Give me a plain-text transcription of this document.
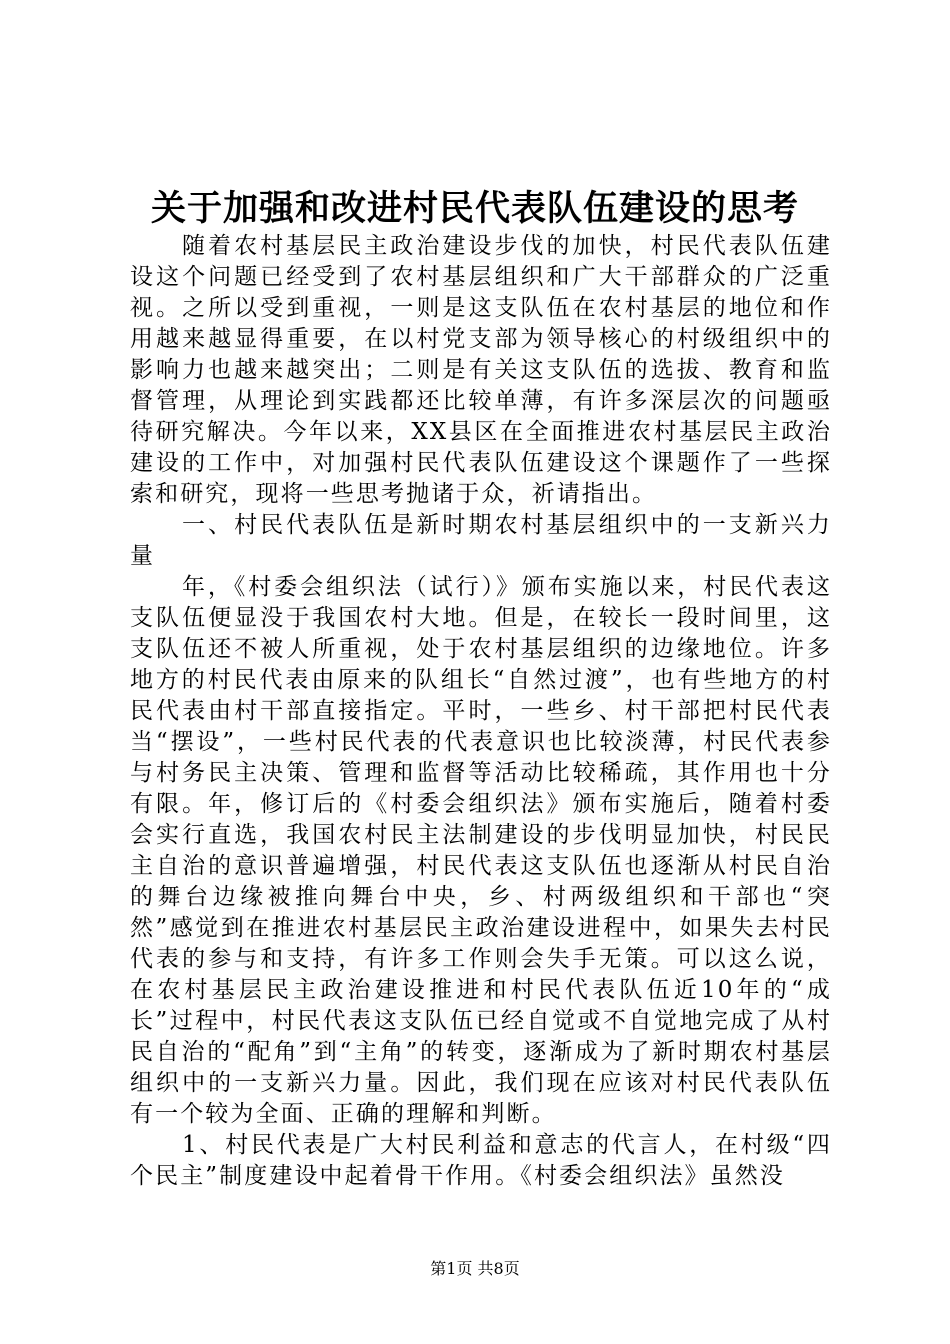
关于加强和改进村民代表队伍建设的思考

随着农村基层民主政治建设步伐的加快，村民代表队伍建设这个问题已经受到了农村基层组织和广大干部群众的广泛重视。之所以受到重视，一则是这支队伍在农村基层的地位和作用越来越显得重要，在以村党支部为领导核心的村级组织中的影响力也越来越突出；二则是有关这支队伍的选拔、教育和监督管理，从理论到实践都还比较单薄，有许多深层次的问题亟待研究解决。今年以来，XX县区在全面推进农村基层民主政治建设的工作中，对加强村民代表队伍建设这个课题作了一些探索和研究，现将一些思考抛诸于众，祈请指出。

一、村民代表队伍是新时期农村基层组织中的一支新兴力量

年，《村委会组织法（试行）》颁布实施以来，村民代表这支队伍便显没于我国农村大地。但是，在较长一段时间里，这支队伍还不被人所重视，处于农村基层组织的边缘地位。许多地方的村民代表由原来的队组长“自然过渡”，也有些地方的村民代表由村干部直接指定。平时，一些乡、村干部把村民代表当“摆设”，一些村民代表的代表意识也比较淡薄，村民代表参与村务民主决策、管理和监督等活动比较稀疏，其作用也十分有限。年，修订后的《村委会组织法》颁布实施后，随着村委会实行直选，我国农村民主法制建设的步伐明显加快，村民民主自治的意识普遍增强，村民代表这支队伍也逐渐从村民自治的舞台边缘被推向舞台中央，乡、村两级组织和干部也“突然”感觉到在推进农村基层民主政治建设进程中，如果失去村民代表的参与和支持，有许多工作则会失手无策。可以这么说，在农村基层民主政治建设推进和村民代表队伍近10年的“成长”过程中，村民代表这支队伍已经自觉或不自觉地完成了从村民自治的“配角”到“主角”的转变，逐渐成为了新时期农村基层组织中的一支新兴力量。因此，我们现在应该对村民代表队伍有一个较为全面、正确的理解和判断。

1、村民代表是广大村民利益和意志的代言人，在村级“四个民主”制度建设中起着骨干作用。《村委会组织法》虽然没

第1页 共8页
